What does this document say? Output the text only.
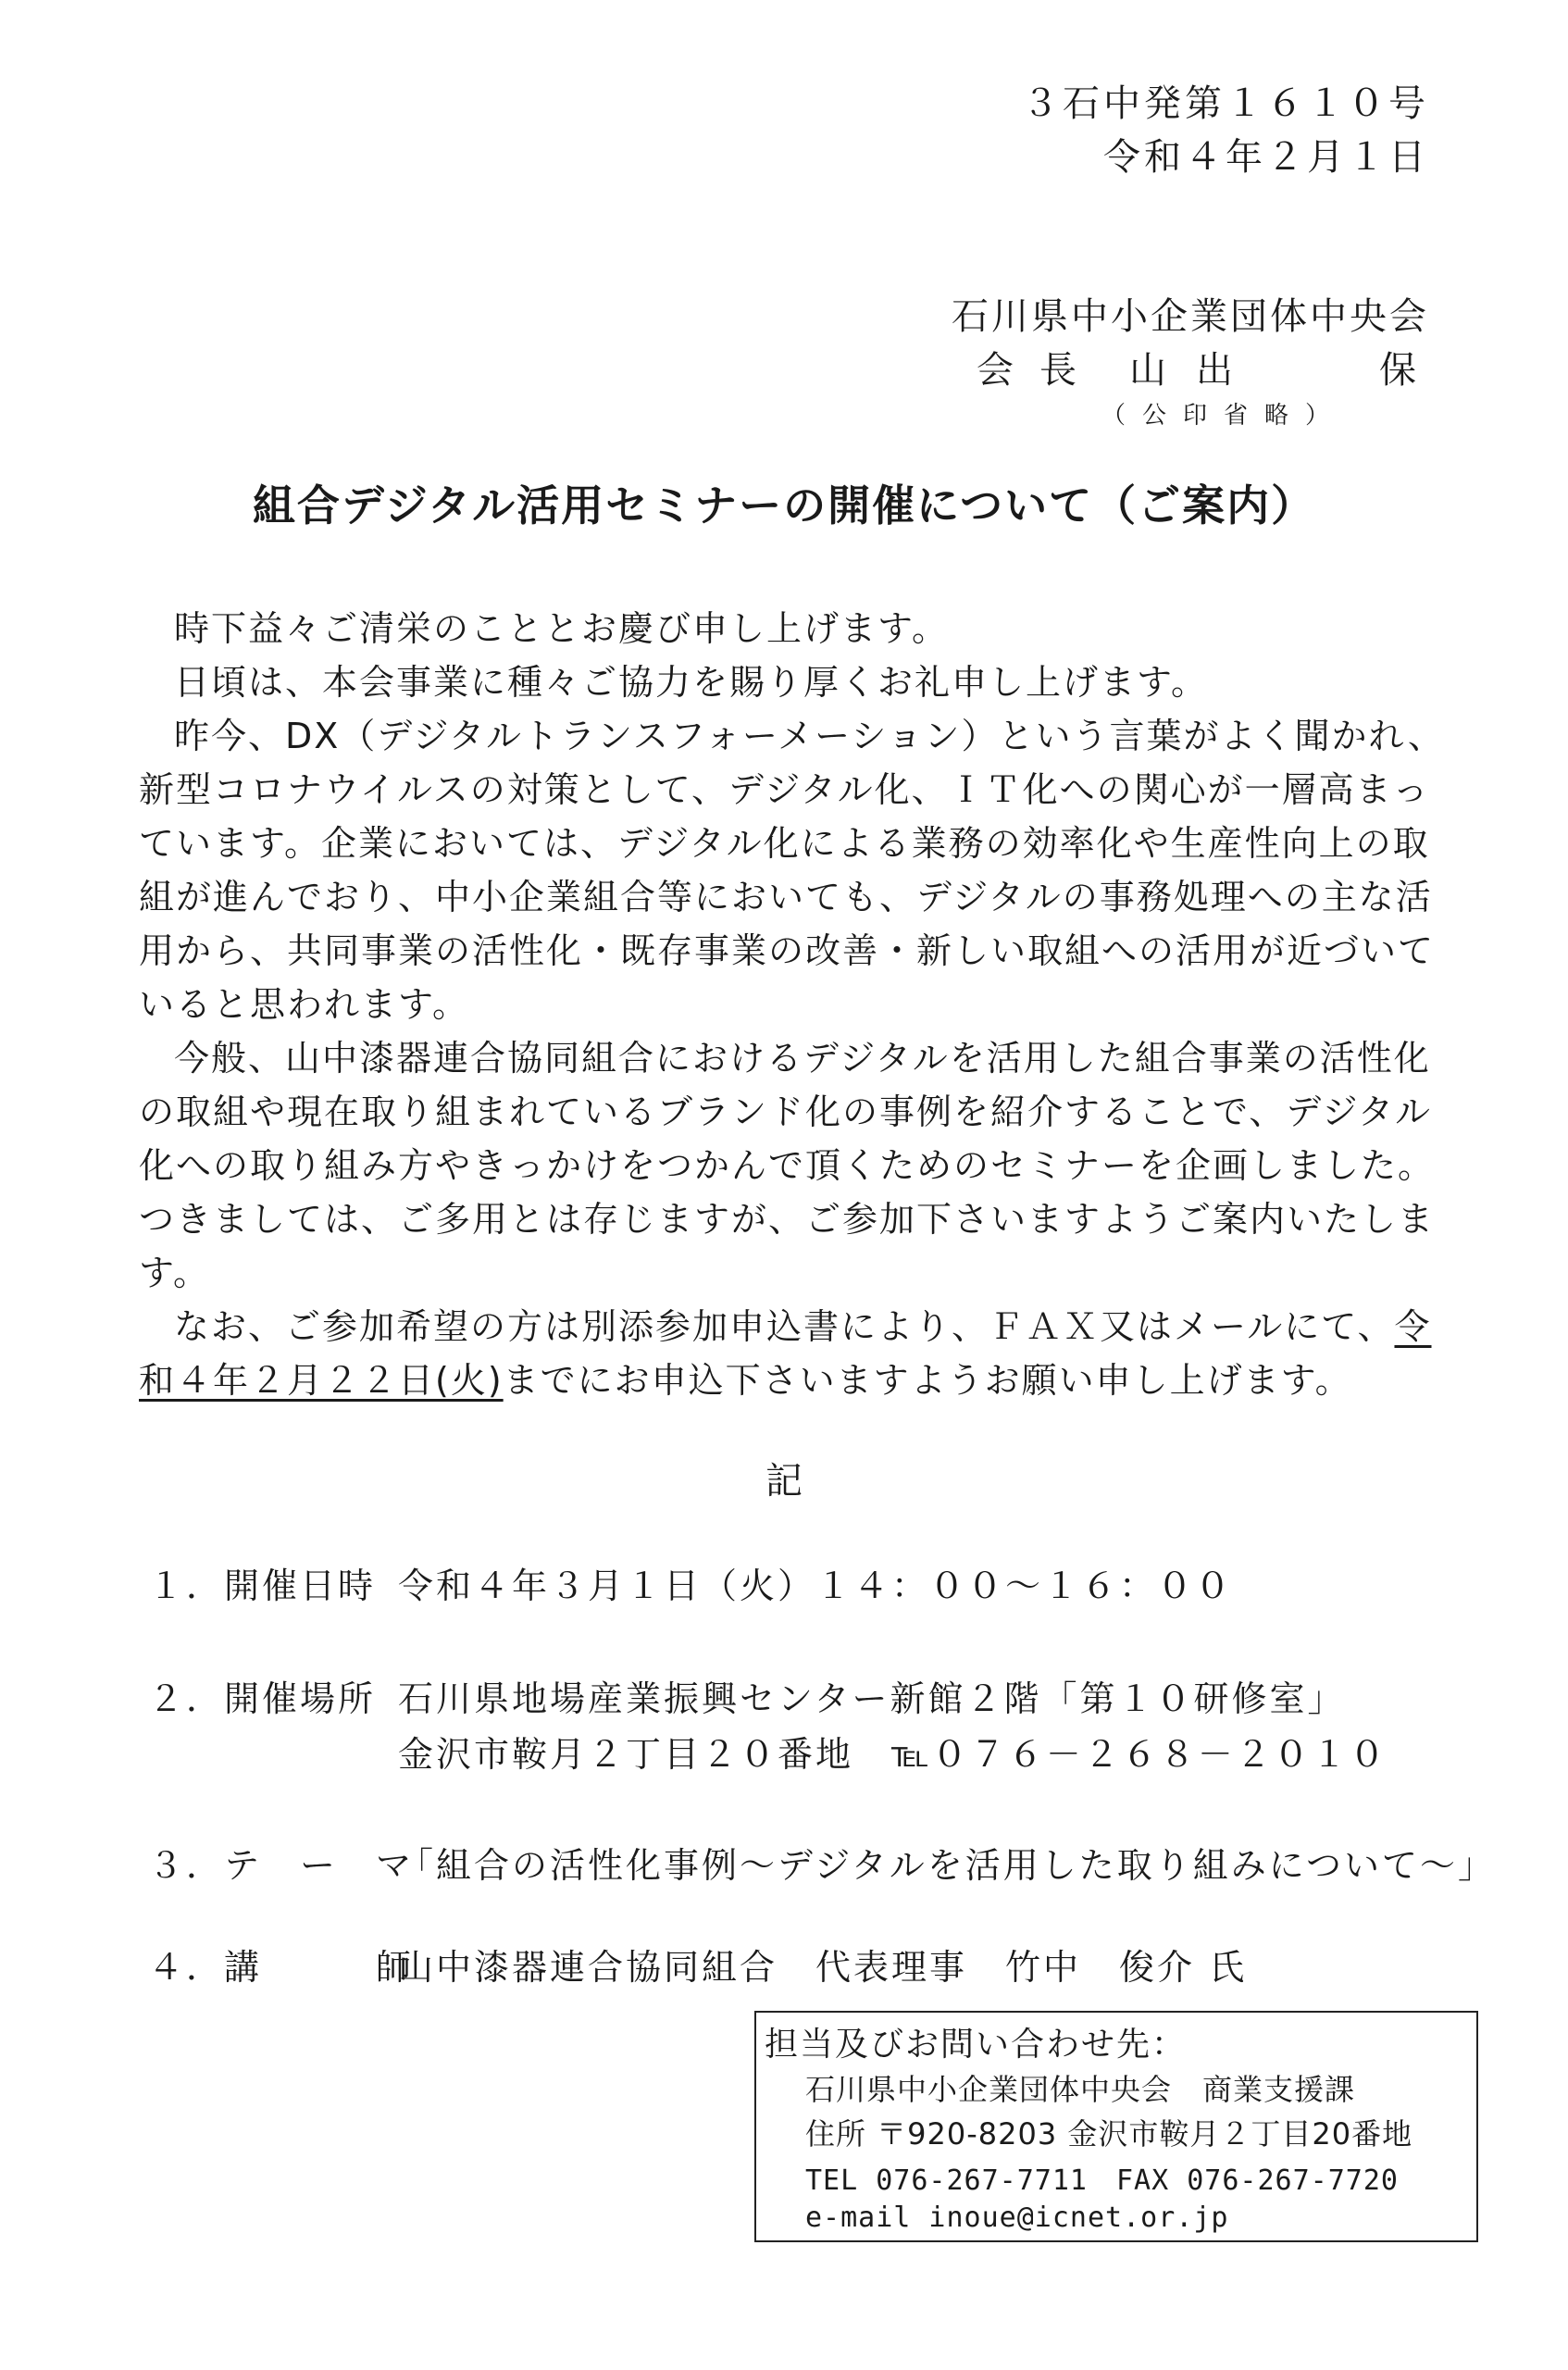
３石中発第１６１０号
令和４年２月１日
石川県中小企業団体中央会
会長 山出	保
（公印省略）
組合デジタル活用セミナーの開催について（ご案内）

時下益々ご清栄のこととお慶び申し上げます。

日頃は、本会事業に種々ご協力を賜り厚くお礼申し上げます。

昨今、DX（デジタルトランスフォーメーション）という言葉がよく聞かれ、

新型コロナウイルスの対策として、デジタル化、ＩＴ化への関心が一層高まっ

ています。企業においては、デジタル化による業務の効率化や生産性向上の取

組が進んでおり、中小企業組合等においても、デジタルの事務処理への主な活

用から、共同事業の活性化・既存事業の改善・新しい取組への活用が近づいて

いると思われます。

今般、山中漆器連合協同組合におけるデジタルを活用した組合事業の活性化

の取組や現在取り組まれているブランド化の事例を紹介することで、デジタル

化への取り組み方やきっかけをつかんで頂くためのセミナーを企画しました。

つきましては、ご多用とは存じますが、ご参加下さいますようご案内いたしま

す。

なお、ご参加希望の方は別添参加申込書により、ＦＡＸ又はメールにて、令

和４年２月２２日(火)までにお申込下さいますようお願い申し上げます。

記
１．開催日時 令和４年３月１日（火）１４：００～１６：００
２．開催場所 石川県地場産業振興センター新館２階「第１０研修室」
金沢市鞍月２丁目２０番地　℡０７６－２６８－２０１０
３．テ　ー　マ
「組合の活性化事例～デジタルを活用した取り組みについて～」
４．講　　　師
山中漆器連合協同組合　代表理事　竹中　俊介 氏
担当及びお問い合わせ先：
石川県中小企業団体中央会　商業支援課
住所 〒920-8203 金沢市鞍月２丁目20番地
TEL 076-267-7711　FAX 076-267-7720
e-mail inoue@icnet.or.jp
